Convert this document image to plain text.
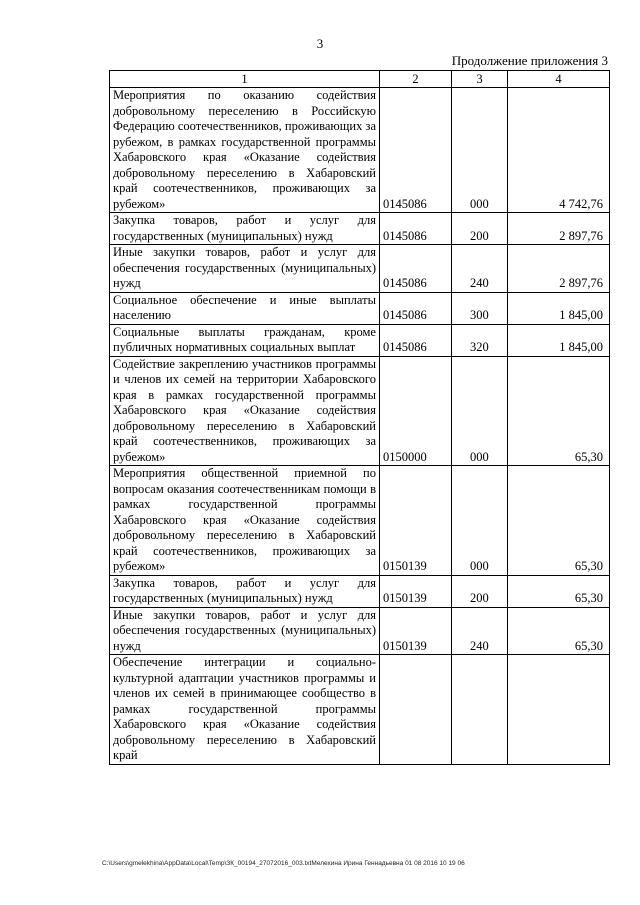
3
Продолжение приложения 3
1	2	3	4
Мероприятия по оказанию содействия добровольному переселению в Российскую Федерацию соотечественников, проживающих за рубежом, в рамках государственной программы Хабаровского края «Оказание содействия добровольному переселению в Хабаровский край соотечественников, проживающих за рубежом»	0145086	000	4 742,76
Закупка товаров, работ и услуг для государственных (муниципальных) нужд	0145086	200	2 897,76
Иные закупки товаров, работ и услуг для обеспечения государственных (муниципальных) нужд	0145086	240	2 897,76
Социальное обеспечение и иные выплаты населению	0145086	300	1 845,00
Социальные выплаты гражданам, кроме публичных нормативных социальных выплат	0145086	320	1 845,00
Содействие закреплению участников программы и членов их семей на территории Хабаровского края в рамках государственной программы Хабаровского края «Оказание содействия добровольному переселению в Хабаровский край соотечественников, проживающих за рубежом»	0150000	000	65,30
Мероприятия общественной приемной по вопросам оказания соотечественникам помощи в рамках государственной программы Хабаровского края «Оказание содействия добровольному переселению в Хабаровский край соотечественников, проживающих за рубежом»	0150139	000	65,30
Закупка товаров, работ и услуг для государственных (муниципальных) нужд	0150139	200	65,30
Иные закупки товаров, работ и услуг для обеспечения государственных (муниципальных) нужд	0150139	240	65,30
Обеспечение интеграции и социально-культурной адаптации участников программы и членов их семей в принимающее сообщество в рамках государственной программы Хабаровского края «Оказание содействия добровольному переселению в Хабаровский край			
C:\Users\gmelekhina\AppData\Local\Temp\ЗК_00194_27072016_003.txtМелехина Ирина Геннадьевна 01 08 2016 10 19 06
